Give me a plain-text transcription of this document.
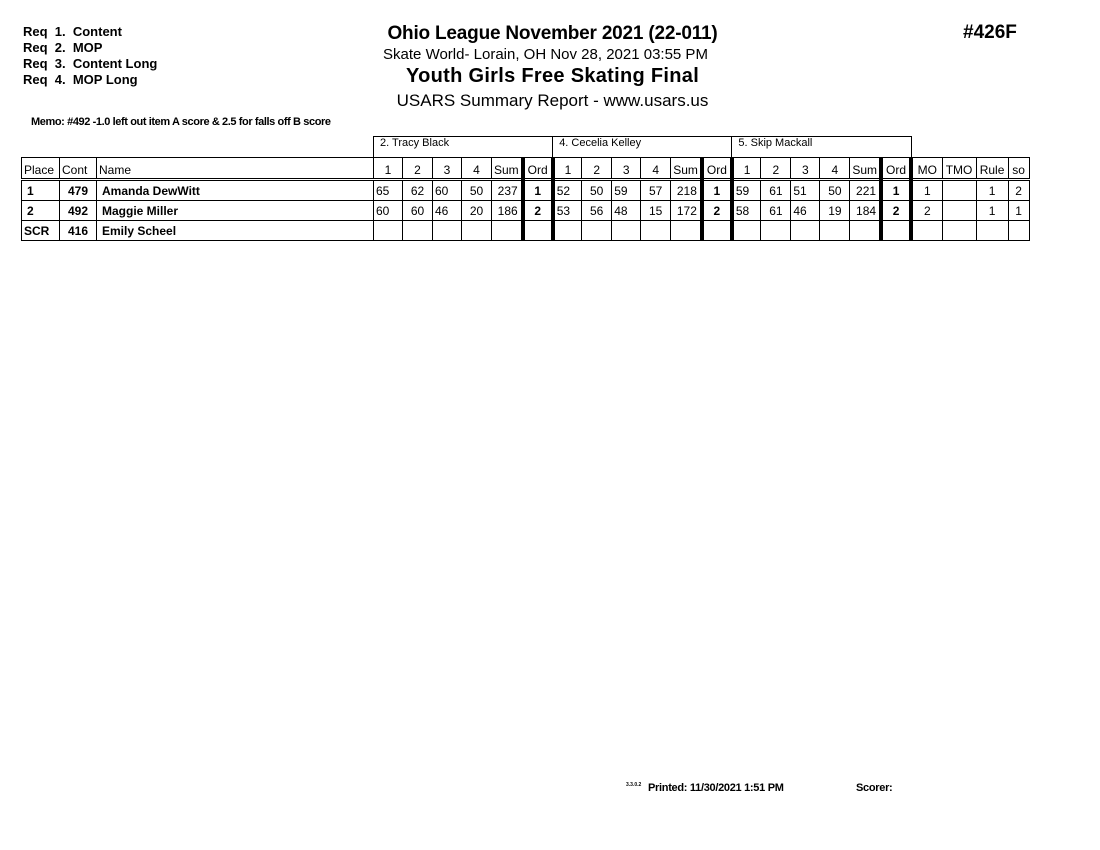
Req  1.  Content
Req  2.  MOP
Req  3.  Content Long
Req  4.  MOP Long
Ohio League November 2021 (22-011)
Skate World- Lorain, OH Nov 28, 2021 03:55 PM
Youth Girls Free Skating Final
USARS Summary Report - www.usars.us
#426F
Memo: #492 -1.0 left out item A score & 2.5 for falls off B score
			2. Tracy Black						4. Cecelia Kelley						5. Skip Mackall									
Place	Cont	Name	1	2	3	4	Sum	Ord	1	2	3	4	Sum	Ord	1	2	3	4	Sum	Ord	MO	TMO	Rule	so
1	479	Amanda DewWitt	65	62	60	50	237	1	52	50	59	57	218	1	59	61	51	50	221	1	1		1	2
2	492	Maggie Miller	60	60	46	20	186	2	53	56	48	15	172	2	58	61	46	19	184	2	2		1	1
SCR	416	Emily Scheel																						
3.3.0.2 Printed: 11/30/2021 1:51 PM	Scorer:
